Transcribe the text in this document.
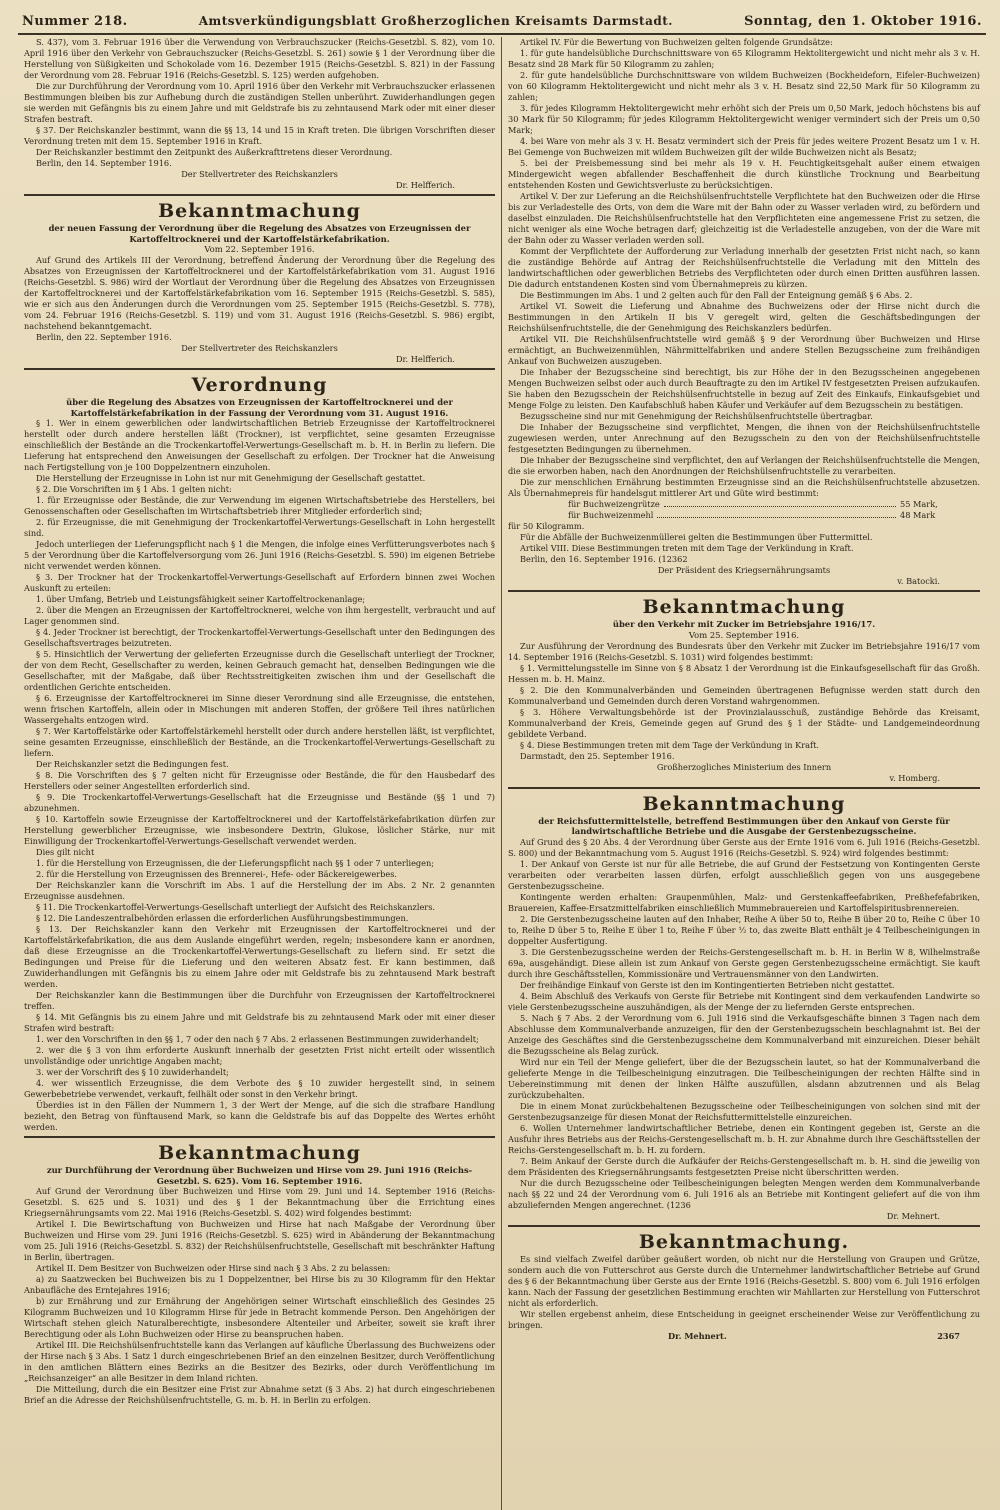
Nummer 218.	Amtsverkündigungsblatt Großherzoglichen Kreisamts Darmstadt.	Sonntag, den 1. Oktober 1916.

S. 437), vom 3. Februar 1916 über die Verwendung von Verbrauchszucker (Reichs-Gesetzbl. S. 82), vom 10. April 1916 über den Verkehr von Gebrauchszucker (Reichs-Gesetzbl. S. 261) sowie § 1 der Verordnung über die Herstellung von Süßigkeiten und Schokolade vom 16. Dezember 1915 (Reichs-Gesetzbl. S. 821) in der Fassung der Verordnung vom 28. Februar 1916 (Reichs-Gesetzbl. S. 125) werden aufgehoben.

Die zur Durchführung der Verordnung vom 10. April 1916 über den Verkehr mit Verbrauchszucker erlassenen Bestimmungen bleiben bis zur Aufhebung durch die zuständigen Stellen unberührt. Zuwiderhandlungen gegen sie werden mit Gefängnis bis zu einem Jahre und mit Geldstrafe bis zu zehntausend Mark oder mit einer dieser Strafen bestraft.

§ 37. Der Reichskanzler bestimmt, wann die §§ 13, 14 und 15 in Kraft treten. Die übrigen Vorschriften dieser Verordnung treten mit dem 15. September 1916 in Kraft.

Der Reichskanzler bestimmt den Zeitpunkt des Außerkrafttretens dieser Verordnung.

Berlin, den 14. September 1916.

Der Stellvertreter des Reichskanzlers

Dr. Helfferich.

Bekanntmachung

der neuen Fassung der Verordnung über die Regelung des Absatzes von Erzeugnissen der Kartoffeltrocknerei und der Kartoffelstärkefabrikation.

Vom 22. September 1916.

Auf Grund des Artikels III der Verordnung, betreffend Änderung der Verordnung über die Regelung des Absatzes von Erzeugnissen der Kartoffeltrocknerei und der Kartoffelstärkefabrikation vom 31. August 1916 (Reichs-Gesetzbl. S. 986) wird der Wortlaut der Verordnung über die Regelung des Absatzes von Erzeugnissen der Kartoffeltrocknerei und der Kartoffelstärkefabrikation vom 16. September 1915 (Reichs-Gesetzbl. S. 585), wie er sich aus den Änderungen durch die Verordnungen vom 25. September 1915 (Reichs-Gesetzbl. S. 778), vom 24. Februar 1916 (Reichs-Gesetzbl. S. 119) und vom 31. August 1916 (Reichs-Gesetzbl. S. 986) ergibt, nachstehend bekanntgemacht.

Berlin, den 22. September 1916.

Der Stellvertreter des Reichskanzlers

Dr. Helfferich.

Verordnung

über die Regelung des Absatzes von Erzeugnissen der Kartoffeltrocknerei und der Kartoffelstärkefabrikation in der Fassung der Verordnung vom 31. August 1916.

§ 1. Wer in einem gewerblichen oder landwirtschaftlichen Betrieb Erzeugnisse der Kartoffeltrocknerei herstellt oder durch andere herstellen läßt (Trockner), ist verpflichtet, seine gesamten Erzeugnisse einschließlich der Bestände an die Trockenkartoffel-Verwertungs-Gesellschaft m. b. H. in Berlin zu liefern. Die Lieferung hat entsprechend den Anweisungen der Gesellschaft zu erfolgen. Der Trockner hat die Anweisung nach Fertigstellung von je 100 Doppelzentnern einzuholen.

Die Herstellung der Erzeugnisse in Lohn ist nur mit Genehmigung der Gesellschaft gestattet.

§ 2. Die Vorschriften im § 1 Abs. 1 gelten nicht:

1. für Erzeugnisse oder Bestände, die zur Verwendung im eigenen Wirtschaftsbetriebe des Herstellers, bei Genossenschaften oder Gesellschaften im Wirtschaftsbetrieb ihrer Mitglieder erforderlich sind;

2. für Erzeugnisse, die mit Genehmigung der Trockenkartoffel-Verwertungs-Gesellschaft in Lohn hergestellt sind.

Jedoch unterliegen der Lieferungspflicht nach § 1 die Mengen, die infolge eines Verfütterungsverbotes nach § 5 der Verordnung über die Kartoffelversorgung vom 26. Juni 1916 (Reichs-Gesetzbl. S. 590) im eigenen Betriebe nicht verwendet werden können.

§ 3. Der Trockner hat der Trockenkartoffel-Verwertungs-Gesellschaft auf Erfordern binnen zwei Wochen Auskunft zu erteilen:

1. über Umfang, Betrieb und Leistungsfähigkeit seiner Kartoffeltrockenanlage;

2. über die Mengen an Erzeugnissen der Kartoffeltrocknerei, welche von ihm hergestellt, verbraucht und auf Lager genommen sind.

§ 4. Jeder Trockner ist berechtigt, der Trockenkartoffel-Verwertungs-Gesellschaft unter den Bedingungen des Gesellschaftsvertrages beizutreten.

§ 5. Hinsichtlich der Verwertung der gelieferten Erzeugnisse durch die Gesellschaft unterliegt der Trockner, der von dem Recht, Gesellschafter zu werden, keinen Gebrauch gemacht hat, denselben Bedingungen wie die Gesellschafter, mit der Maßgabe, daß über Rechtsstreitigkeiten zwischen ihm und der Gesellschaft die ordentlichen Gerichte entscheiden.

§ 6. Erzeugnisse der Kartoffeltrocknerei im Sinne dieser Verordnung sind alle Erzeugnisse, die entstehen, wenn frischen Kartoffeln, allein oder in Mischungen mit anderen Stoffen, der größere Teil ihres natürlichen Wassergehalts entzogen wird.

§ 7. Wer Kartoffelstärke oder Kartoffelstärkemehl herstellt oder durch andere herstellen läßt, ist verpflichtet, seine gesamten Erzeugnisse, einschließlich der Bestände, an die Trockenkartoffel-Verwertungs-Gesellschaft zu liefern.

Der Reichskanzler setzt die Bedingungen fest.

§ 8. Die Vorschriften des § 7 gelten nicht für Erzeugnisse oder Bestände, die für den Hausbedarf des Herstellers oder seiner Angestellten erforderlich sind.

§ 9. Die Trockenkartoffel-Verwertungs-Gesellschaft hat die Erzeugnisse und Bestände (§§ 1 und 7) abzunehmen.

§ 10. Kartoffeln sowie Erzeugnisse der Kartoffeltrocknerei und der Kartoffelstärkefabrikation dürfen zur Herstellung gewerblicher Erzeugnisse, wie insbesondere Dextrin, Glukose, löslicher Stärke, nur mit Einwilligung der Trockenkartoffel-Verwertungs-Gesellschaft verwendet werden.

Dies gilt nicht

1. für die Herstellung von Erzeugnissen, die der Lieferungspflicht nach §§ 1 oder 7 unterliegen;

2. für die Herstellung von Erzeugnissen des Brennerei-, Hefe- oder Bäckereigewerbes.

Der Reichskanzler kann die Vorschrift im Abs. 1 auf die Herstellung der im Abs. 2 Nr. 2 genannten Erzeugnisse ausdehnen.

§ 11. Die Trockenkartoffel-Verwertungs-Gesellschaft unterliegt der Aufsicht des Reichskanzlers.

§ 12. Die Landeszentralbehörden erlassen die erforderlichen Ausführungsbestimmungen.

§ 13. Der Reichskanzler kann den Verkehr mit Erzeugnissen der Kartoffeltrocknerei und der Kartoffelstärkefabrikation, die aus dem Auslande eingeführt werden, regeln; insbesondere kann er anordnen, daß diese Erzeugnisse an die Trockenkartoffel-Verwertungs-Gesellschaft zu liefern sind. Er setzt die Bedingungen und Preise für die Lieferung und den weiteren Absatz fest. Er kann bestimmen, daß Zuwiderhandlungen mit Gefängnis bis zu einem Jahre oder mit Geldstrafe bis zu zehntausend Mark bestraft werden.

Der Reichskanzler kann die Bestimmungen über die Durchfuhr von Erzeugnissen der Kartoffeltrocknerei treffen.

§ 14. Mit Gefängnis bis zu einem Jahre und mit Geldstrafe bis zu zehntausend Mark oder mit einer dieser Strafen wird bestraft:

1. wer den Vorschriften in den §§ 1, 7 oder den nach § 7 Abs. 2 erlassenen Bestimmungen zuwiderhandelt;

2. wer die § 3 von ihm erforderte Auskunft innerhalb der gesetzten Frist nicht erteilt oder wissentlich unvollständige oder unrichtige Angaben macht;

3. wer der Vorschrift des § 10 zuwiderhandelt;

4. wer wissentlich Erzeugnisse, die dem Verbote des § 10 zuwider hergestellt sind, in seinem Gewerbebetriebe verwendet, verkauft, feilhält oder sonst in den Verkehr bringt.

Überdies ist in den Fällen der Nummern 1, 3 der Wert der Menge, auf die sich die strafbare Handlung bezieht, den Betrag von fünftausend Mark, so kann die Geldstrafe bis auf das Doppelte des Wertes erhöht werden.

Bekanntmachung

zur Durchführung der Verordnung über Buchweizen und Hirse vom 29. Juni 1916 (Reichs-Gesetzbl. S. 625). Vom 16. September 1916.

Auf Grund der Verordnung über Buchweizen und Hirse vom 29. Juni und 14. September 1916 (Reichs-Gesetzbl. S. 625 und S. 1031) und des § 1 der Bekanntmachung über die Errichtung eines Kriegsernährungsamts vom 22. Mai 1916 (Reichs-Gesetzbl. S. 402) wird folgendes bestimmt:

Artikel I. Die Bewirtschaftung von Buchweizen und Hirse hat nach Maßgabe der Verordnung über Buchweizen und Hirse vom 29. Juni 1916 (Reichs-Gesetzbl. S. 625) wird in Abänderung der Bekanntmachung vom 25. Juli 1916 (Reichs-Gesetzbl. S. 832) der Reichshülsenfruchtstelle, Gesellschaft mit beschränkter Haftung in Berlin, übertragen.

Artikel II. Dem Besitzer von Buchweizen oder Hirse sind nach § 3 Abs. 2 zu belassen:

a) zu Saatzwecken bei Buchweizen bis zu 1 Doppelzentner, bei Hirse bis zu 30 Kilogramm für den Hektar Anbaufläche des Erntejahres 1916;

b) zur Ernährung und zur Ernährung der Angehörigen seiner Wirtschaft einschließlich des Gesindes 25 Kilogramm Buchweizen und 10 Kilogramm Hirse für jede in Betracht kommende Person. Den Angehörigen der Wirtschaft stehen gleich Naturalberechtigte, insbesondere Altenteiler und Arbeiter, soweit sie kraft ihrer Berechtigung oder als Lohn Buchweizen oder Hirse zu beanspruchen haben.

Artikel III. Die Reichshülsenfruchtstelle kann das Verlangen auf käufliche Überlassung des Buchweizens oder der Hirse nach § 3 Abs. 1 Satz 1 durch eingeschriebenen Brief an den einzelnen Besitzer, durch Veröffentlichung in den amtlichen Blättern eines Bezirks an die Besitzer des Bezirks, oder durch Veröffentlichung im „Reichsanzeiger“ an alle Besitzer in dem Inland richten.

Die Mitteilung, durch die ein Besitzer eine Frist zur Abnahme setzt (§ 3 Abs. 2) hat durch eingeschriebenen Brief an die Adresse der Reichshülsenfruchtstelle, G. m. b. H. in Berlin zu erfolgen.

Artikel IV. Für die Bewertung von Buchweizen gelten folgende Grundsätze:

1. für gute handelsübliche Durchschnittsware von 65 Kilogramm Hektolitergewicht und nicht mehr als 3 v. H. Besatz sind 28 Mark für 50 Kilogramm zu zahlen;

2. für gute handelsübliche Durchschnittsware von wildem Buchweizen (Bockheideforn, Eifeler-Buchweizen) von 60 Kilogramm Hektolitergewicht und nicht mehr als 3 v. H. Besatz sind 22,50 Mark für 50 Kilogramm zu zahlen;

3. für jedes Kilogramm Hektolitergewicht mehr erhöht sich der Preis um 0,50 Mark, jedoch höchstens bis auf 30 Mark für 50 Kilogramm; für jedes Kilogramm Hektolitergewicht weniger vermindert sich der Preis um 0,50 Mark;

4. bei Ware von mehr als 3 v. H. Besatz vermindert sich der Preis für jedes weitere Prozent Besatz um 1 v. H. Bei Gemenge von Buchweizen mit wildem Buchweizen gilt der wilde Buchweizen nicht als Besatz;

5. bei der Preisbemessung sind bei mehr als 19 v. H. Feuchtigkeitsgehalt außer einem etwaigen Mindergewicht wegen abfallender Beschaffenheit die durch künstliche Trocknung und Bearbeitung entstehenden Kosten und Gewichtsverluste zu berücksichtigen.

Artikel V. Der zur Lieferung an die Reichshülsenfruchtstelle Verpflichtete hat den Buchweizen oder die Hirse bis zur Verladestelle des Orts, von dem die Ware mit der Bahn oder zu Wasser verladen wird, zu befördern und daselbst einzuladen. Die Reichshülsenfruchtstelle hat den Verpflichteten eine angemessene Frist zu setzen, die nicht weniger als eine Woche betragen darf; gleichzeitig ist die Verladestelle anzugeben, von der die Ware mit der Bahn oder zu Wasser verladen werden soll.

Kommt der Verpflichtete der Aufforderung zur Verladung innerhalb der gesetzten Frist nicht nach, so kann die zuständige Behörde auf Antrag der Reichshülsenfruchtstelle die Verladung mit den Mitteln des landwirtschaftlichen oder gewerblichen Betriebs des Verpflichteten oder durch einen Dritten ausführen lassen. Die dadurch entstandenen Kosten sind vom Übernahmepreis zu kürzen.

Die Bestimmungen im Abs. 1 und 2 gelten auch für den Fall der Enteignung gemäß § 6 Abs. 2.

Artikel VI. Soweit die Lieferung und Abnahme des Buchweizens oder der Hirse nicht durch die Bestimmungen in den Artikeln II bis V geregelt wird, gelten die Geschäftsbedingungen der Reichshülsenfruchtstelle, die der Genehmigung des Reichskanzlers bedürfen.

Artikel VII. Die Reichshülsenfruchtstelle wird gemäß § 9 der Verordnung über Buchweizen und Hirse ermächtigt, an Buchweizenmühlen, Nährmittelfabriken und andere Stellen Bezugsscheine zum freihändigen Ankauf von Buchweizen auszugeben.

Die Inhaber der Bezugsscheine sind berechtigt, bis zur Höhe der in den Bezugsscheinen angegebenen Mengen Buchweizen selbst oder auch durch Beauftragte zu den im Artikel IV festgesetzten Preisen aufzukaufen. Sie haben den Bezugsschein der Reichshülsenfruchtstelle in bezug auf Zeit des Einkaufs, Einkaufsgebiet und Menge Folge zu leisten. Den Kaufabschluß haben Käufer und Verkäufer auf dem Bezugsschein zu bestätigen.

Bezugsscheine sind nur mit Genehmigung der Reichshülsenfruchtstelle übertragbar.

Die Inhaber der Bezugsscheine sind verpflichtet, Mengen, die ihnen von der Reichshülsenfruchtstelle zugewiesen werden, unter Anrechnung auf den Bezugsschein zu den von der Reichshülsenfruchtstelle festgesetzten Bedingungen zu übernehmen.

Die Inhaber der Bezugsscheine sind verpflichtet, den auf Verlangen der Reichshülsenfruchtstelle die Mengen, die sie erworben haben, nach den Anordnungen der Reichshülsenfruchtstelle zu verarbeiten.

Die zur menschlichen Ernährung bestimmten Erzeugnisse sind an die Reichshülsenfruchtstelle abzusetzen. Als Übernahmepreis für handelsgut mittlerer Art und Güte wird bestimmt:

für Buchweizengrütze	55 Mark,
für Buchweizenmehl	48 Mark

für 50 Kilogramm.

Für die Abfälle der Buchweizenmüllerei gelten die Bestimmungen über Futtermittel.

Artikel VIII. Diese Bestimmungen treten mit dem Tage der Verkündung in Kraft.

Berlin, den 16. September 1916. (12362

Der Präsident des Kriegsernährungsamts

v. Batocki.

Bekanntmachung

über den Verkehr mit Zucker im Betriebsjahre 1916/17.

Vom 25. September 1916.

Zur Ausführung der Verordnung des Bundesrats über den Verkehr mit Zucker im Betriebsjahre 1916/17 vom 14. September 1916 (Reichs-Gesetzbl. S. 1031) wird folgendes bestimmt:

§ 1. Vermittelungsstelle im Sinne von § 8 Absatz 1 der Verordnung ist die Einkaufsgesellschaft für das Großh. Hessen m. b. H. Mainz.

§ 2. Die den Kommunalverbänden und Gemeinden übertragenen Befugnisse werden statt durch den Kommunalverband und Gemeinden durch deren Vorstand wahrgenommen.

§ 3. Höhere Verwaltungsbehörde ist der Provinzialausschuß, zuständige Behörde das Kreisamt, Kommunalverband der Kreis, Gemeinde gegen auf Grund des § 1 der Städte- und Landgemeindeordnung gebildete Verband.

§ 4. Diese Bestimmungen treten mit dem Tage der Verkündung in Kraft.

Darmstadt, den 25. September 1916.

Großherzogliches Ministerium des Innern

v. Homberg.

Bekanntmachung

der Reichsfuttermittelstelle, betreffend Bestimmungen über den Ankauf von Gerste für landwirtschaftliche Betriebe und die Ausgabe der Gerstenbezugsscheine.

Auf Grund des § 20 Abs. 4 der Verordnung über Gerste aus der Ernte 1916 vom 6. Juli 1916 (Reichs-Gesetzbl. S. 800) und der Bekanntmachung vom 5. August 1916 (Reichs-Gesetzbl. S. 924) wird folgendes bestimmt:

1. Der Ankauf von Gerste ist nur für alle Betriebe, die auf Grund der Festsetzung von Kontingenten Gerste verarbeiten oder verarbeiten lassen dürfen, erfolgt ausschließlich gegen von uns ausgegebene Gerstenbezugsscheine.

Kontingente werden erhalten: Graupenmühlen, Malz- und Gerstenkaffeefabriken, Preßhefefabriken, Brauereien, Kaffee-Ersatzmittelfabriken einschließlich Mummebrauereien und Kartoffelspiritusbrennereien.

2. Die Gerstenbezugsscheine lauten auf den Inhaber, Reihe A über 50 to, Reihe B über 20 to, Reihe C über 10 to, Reihe D über 5 to, Reihe E über 1 to, Reihe F über ½ to, das zweite Blatt enthält je 4 Teilbescheinigungen in doppelter Ausfertigung.

3. Die Gerstenbezugsscheine werden der Reichs-Gerstengesellschaft m. b. H. in Berlin W 8, Wilhelmstraße 69a, ausgehändigt. Diese allein ist zum Ankauf von Gerste gegen Gerstenbezugsscheine ermächtigt. Sie kauft durch ihre Geschäftsstellen, Kommissionäre und Vertrauensmänner von den Landwirten.

Der freihändige Einkauf von Gerste ist den im Kontingentierten Betrieben nicht gestattet.

4. Beim Abschluß des Verkaufs von Gerste für Betriebe mit Kontingent sind dem verkaufenden Landwirte so viele Gerstenbezugsscheine auszuhändigen, als der Menge der zu liefernden Gerste entsprechen.

5. Nach § 7 Abs. 2 der Verordnung vom 6. Juli 1916 sind die Verkaufsgeschäfte binnen 3 Tagen nach dem Abschlusse dem Kommunalverbande anzuzeigen, für den der Gerstenbezugsschein beschlagnahmt ist. Bei der Anzeige des Geschäftes sind die Gerstenbezugsscheine dem Kommunalverband mit einzureichen. Dieser behält die Bezugsscheine als Belag zurück.

Wird nur ein Teil der Menge geliefert, über die der Bezugsschein lautet, so hat der Kommunalverband die gelieferte Menge in die Teilbescheinigung einzutragen. Die Teilbescheinigungen der rechten Hälfte sind in Uebereinstimmung mit denen der linken Hälfte auszufüllen, alsdann abzutrennen und als Belag zurückzubehalten.

Die in einem Monat zurückbehaltenen Bezugsscheine oder Teilbescheinigungen von solchen sind mit der Gerstenbezugsanzeige für diesen Monat der Reichsfuttermittelstelle einzureichen.

6. Wollen Unternehmer landwirtschaftlicher Betriebe, denen ein Kontingent gegeben ist, Gerste an die Ausfuhr ihres Betriebs aus der Reichs-Gerstengesellschaft m. b. H. zur Abnahme durch ihre Geschäftsstellen der Reichs-Gerstengesellschaft m. b. H. zu fordern.

7. Beim Ankauf der Gerste durch die Aufkäufer der Reichs-Gerstengesellschaft m. b. H. sind die jeweilig von dem Präsidenten des Kriegsernährungsamts festgesetzten Preise nicht überschritten werden.

Nur die durch Bezugsscheine oder Teilbescheinigungen belegten Mengen werden dem Kommunalverbande nach §§ 22 und 24 der Verordnung vom 6. Juli 1916 als an Betriebe mit Kontingent geliefert auf die von ihm abzuliefernden Mengen angerechnet. (1236

Dr. Mehnert.

Bekanntmachung.

Es sind vielfach Zweifel darüber geäußert worden, ob nicht nur die Herstellung von Graupen und Grütze, sondern auch die von Futterschrot aus Gerste durch die Unternehmer landwirtschaftlicher Betriebe auf Grund des § 6 der Bekanntmachung über Gerste aus der Ernte 1916 (Reichs-Gesetzbl. S. 800) vom 6. Juli 1916 erfolgen kann. Nach der Fassung der gesetzlichen Bestimmung erachten wir Mahllarten zur Herstellung von Futterschrot nicht als erforderlich.

Wir stellen ergebenst anheim, diese Entscheidung in geeignet erscheinender Weise zur Veröffentlichung zu bringen.

Dr. Mehnert.	2367
